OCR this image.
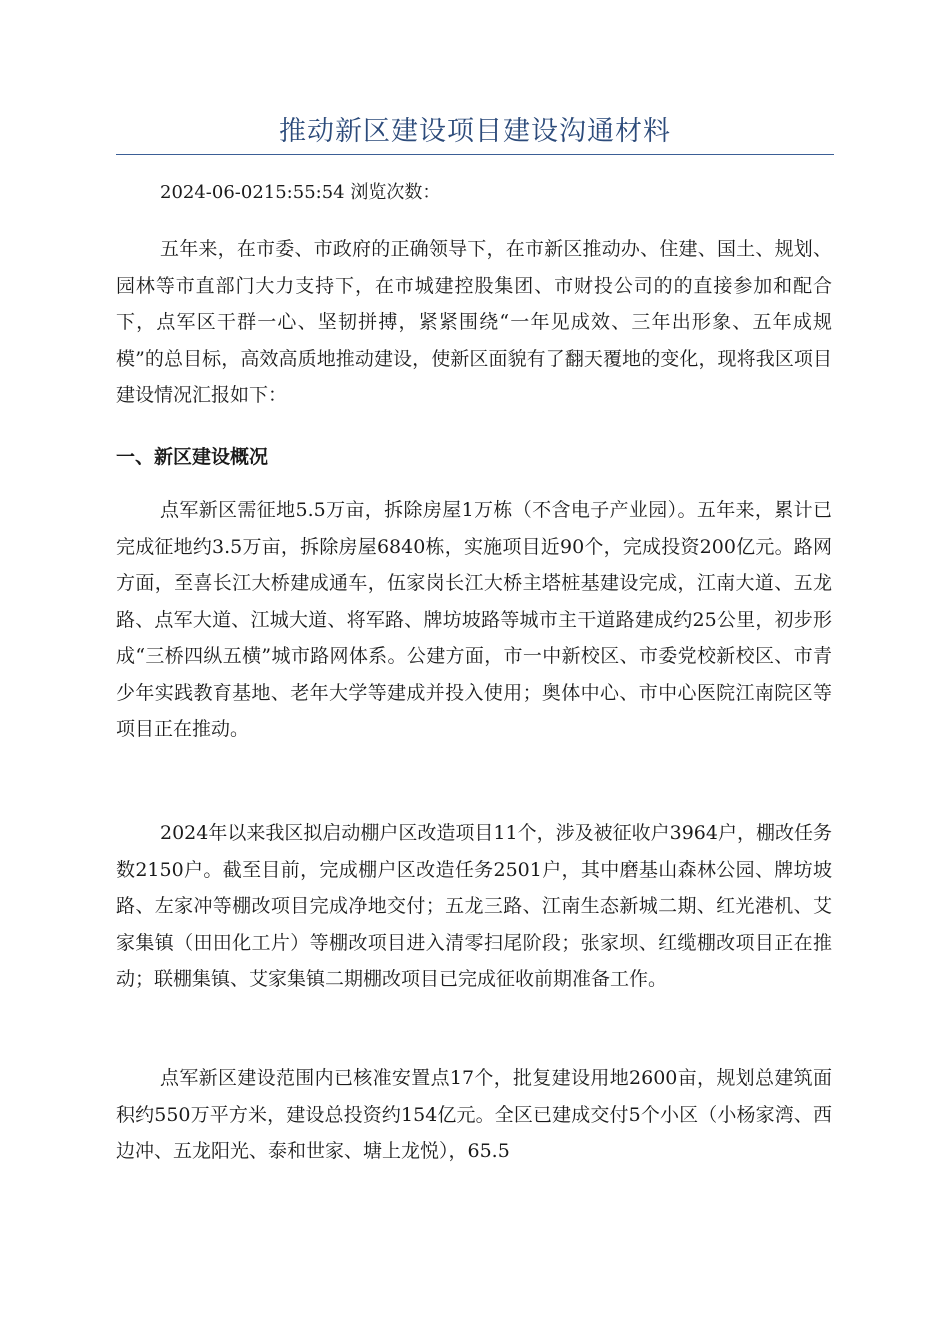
推动新区建设项目建设沟通材料

2024-06-0215:55:54 浏览次数：

五年来，在市委、市政府的正确领导下，在市新区推动办、住建、国土、规划、园林等市直部门大力支持下，在市城建控股集团、市财投公司的的直接参加和配合下，点军区干群一心、坚韧拼搏，紧紧围绕“一年见成效、三年出形象、五年成规模”的总目标，高效高质地推动建设，使新区面貌有了翻天覆地的变化，现将我区项目建设情况汇报如下：

一、新区建设概况

点军新区需征地5.5万亩，拆除房屋1万栋（不含电子产业园）。五年来，累计已完成征地约3.5万亩，拆除房屋6840栋，实施项目近90个，完成投资200亿元。路网方面，至喜长江大桥建成通车，伍家岗长江大桥主塔桩基建设完成，江南大道、五龙路、点军大道、江城大道、将军路、牌坊坡路等城市主干道路建成约25公里，初步形成“三桥四纵五横”城市路网体系。公建方面，市一中新校区、市委党校新校区、市青少年实践教育基地、老年大学等建成并投入使用；奥体中心、市中心医院江南院区等项目正在推动。

2024年以来我区拟启动棚户区改造项目11个，涉及被征收户3964户，棚改任务数2150户。截至目前，完成棚户区改造任务2501户，其中磨基山森林公园、牌坊坡路、左家冲等棚改项目完成净地交付；五龙三路、江南生态新城二期、红光港机、艾家集镇（田田化工片）等棚改项目进入清零扫尾阶段；张家坝、红缆棚改项目正在推动；联棚集镇、艾家集镇二期棚改项目已完成征收前期准备工作。

点军新区建设范围内已核准安置点17个，批复建设用地2600亩，规划总建筑面积约550万平方米，建设总投资约154亿元。全区已建成交付5个小区（小杨家湾、西边冲、五龙阳光、泰和世家、塘上龙悦），65.5
